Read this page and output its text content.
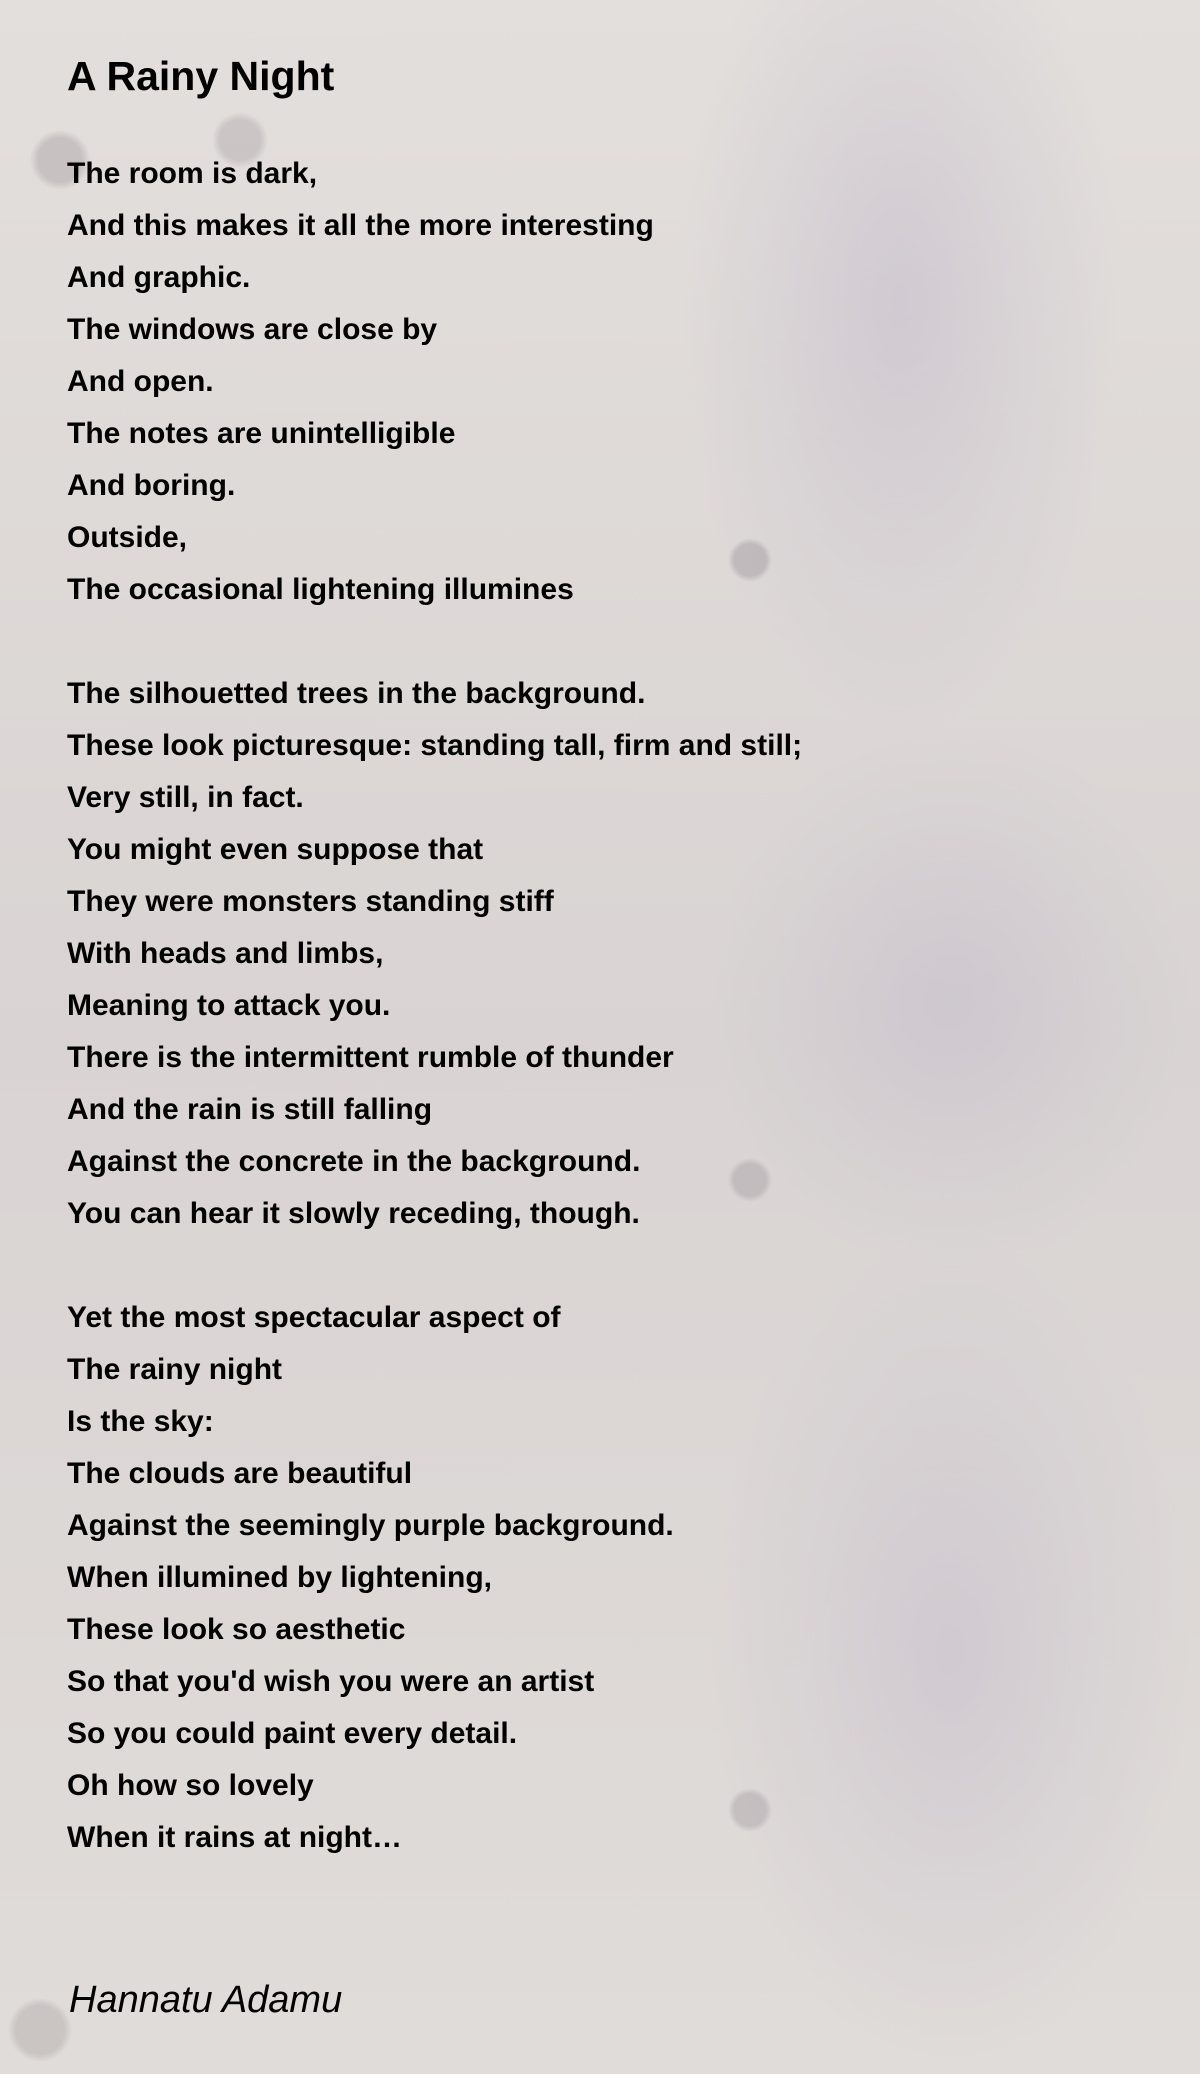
A Rainy Night
The room is dark,
And this makes it all the more interesting
And graphic.
The windows are close by
And open.
The notes are unintelligible
And boring.
Outside,
The occasional lightening illumines
The silhouetted trees in the background.
These look picturesque: standing tall, firm and still;
Very still, in fact.
You might even suppose that
They were monsters standing stiff
With heads and limbs,
Meaning to attack you.
There is the intermittent rumble of thunder
And the rain is still falling
Against the concrete in the background.
You can hear it slowly receding, though.
Yet the most spectacular aspect of
The rainy night
Is the sky:
The clouds are beautiful
Against the seemingly purple background.
When illumined by lightening,
These look so aesthetic
So that you'd wish you were an artist
So you could paint every detail.
Oh how so lovely
When it rains at night…
Hannatu Adamu
